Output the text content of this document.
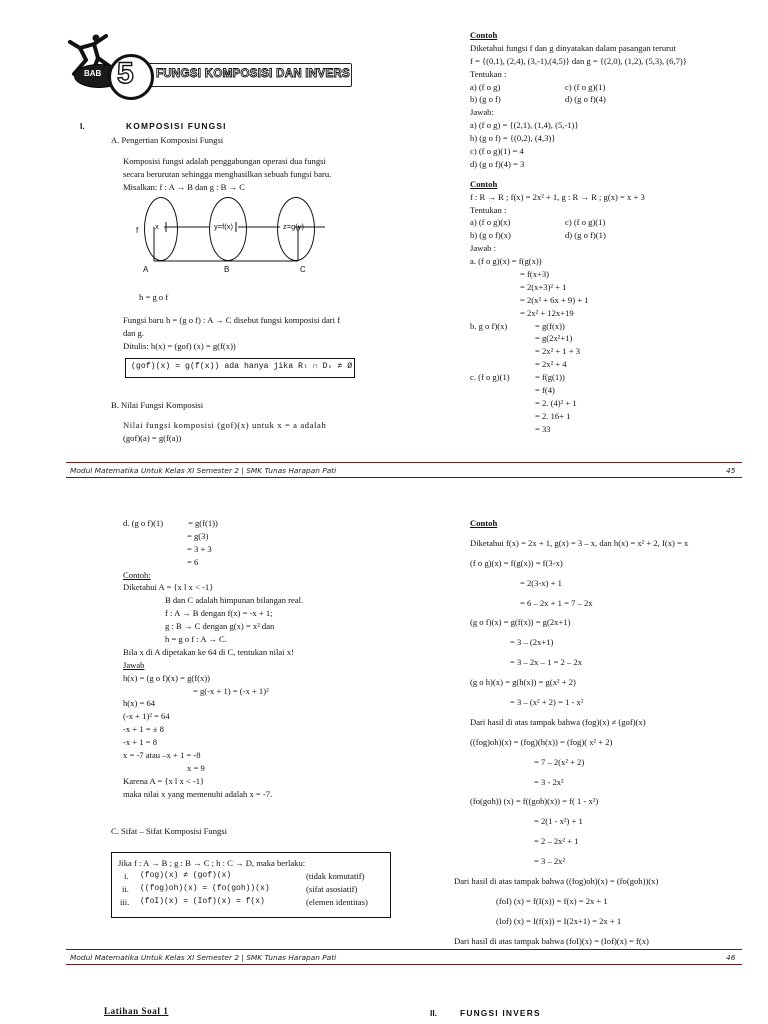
FUNGSI KOMPOSISI DAN INVERS
BAB 5
I.	KOMPOSISI FUNGSI
A. Pengertian Komposisi Fungsi
Komposisi fungsi adalah penggabungan operasi dua fungsi
secara berurutan sehingga menghasilkan sebuah fungsi baru.
Misalkan: f : A → B dan g : B → C
f x	y=f(x)	z=g(y)
A	B	C
h = g o f
Fungsi baru h = (g o f) : A → C disebut fungsi komposisi dari f
dan g.
Ditulis: h(x) = (gof) (x) = g(f(x))
(gof)(x) = g(f(x)) ada hanya jika Rₗ ∩ Dₛ ≠ Ø
B. Nilai Fungsi Komposisi
Nilai fungsi komposisi (gof)(x) untuk x = a adalah
(gof)(a) = g(f(a))
Contoh
Diketahui fungsi f dan g dinyatakan dalam pasangan terurut
f = {(0,1), (2,4), (3,-1),(4,5)} dan g = {(2,0), (1,2), (5,3), (6,7)}
Tentukan :
a) (f o g)	c) (f o g)(1)
b) (g o f)	d) (g o f)(4)
Jawab:
a) (f o g) = {(2,1), (1,4), (5,-1)}
b) (g o f) = {(0,2), (4,3)}
c) (f o g)(1) = 4
d) (g o f)(4) = 3
Contoh
f : R → R ; f(x) = 2x² + 1, g : R → R ; g(x) = x + 3
Tentukan :
a) (f o g)(x)	c) (f o g)(1)
b) (g o f)(x)	d) (g o f)(1)
Jawab :
a. (f o g)(x) = f(g(x))
= f(x+3)
= 2(x+3)² + 1
= 2(x² + 6x + 9) + 1
= 2x² + 12x+19
b. g o f)(x)	= g(f(x))
= g(2x²+1)
= 2x² + 1 + 3
= 2x² + 4
c. (f o g)(1)	= f(g(1))
= f(4)
= 2. (4)² + 1
= 2. 16+ 1
= 33
Modul Matematika Untuk Kelas XI Semester 2 | SMK Tunas Harapan Pati	45
d. (g o f)(1)	= g(f(1))
= g(3)
= 3 + 3
= 6
Contoh:
Diketahui A = {x l x < -1}
B dan C adalah himpunan bilangan real.
f : A → B dengan f(x) = -x + 1;
g : B → C dengan g(x) = x² dan
h = g o f : A → C.
Bila x di A dipetakan ke 64 di C, tentukan nilai x!
Jawab
h(x) = (g o f)(x) = g(f(x))
= g(-x + 1) = (-x + 1)²
h(x) = 64
(-x + 1)² = 64
-x + 1 = ± 8
-x + 1 = 8
x = -7 atau –x + 1 = -8
x = 9
Karena A = {x l x < -1}
maka nilai x yang memenuhi adalah x = -7.
C. Sifat – Sifat Komposisi Fungsi
Jika f : A → B ; g : B → C ; h : C → D, maka berlaku:
i. (fog)(x) ≠ (gof)(x)	(tidak komutatif)
ii. ((fog)oh)(x) = (fo(goh))(x)	(sifat asosiatif)
iii. (foI)(x) = (Iof)(x) = f(x)	(elemen identitas)
Contoh
Diketahui f(x) = 2x + 1, g(x) = 3 – x, dan h(x) = x² + 2, I(x) = x
(f o g)(x) = f(g(x)) = f(3-x)
= 2(3-x) + 1
= 6 – 2x + 1 = 7 – 2x
(g o f)(x) = g(f(x)) = g(2x+1)
= 3 – (2x+1)
= 3 – 2x – 1 = 2 – 2x
(g o h)(x) = g(h(x)) = g(x² + 2)
= 3 – (x² + 2) = 1 - x²
Dari hasil di atas tampak bahwa (fog)(x) ≠ (gof)(x)
((fog)oh)(x) = (fog)(h(x)) = (fog)( x² + 2)
= 7 – 2(x² + 2)
= 3 - 2x²
(fo(goh)) (x) = f((goh)(x)) = f( 1 - x²)
= 2(1 - x²) + 1
= 2 – 2x² + 1
= 3 – 2x²
Dari hasil di atas tampak bahwa ((fog)oh)(x) = (fo(goh))(x)
(foI) (x) = f(I(x)) = f(x) = 2x + 1
(Iof) (x) = I(f(x)) = I(2x+1) = 2x + 1
Dari hasil di atas tampak bahwa (foI)(x) = (Iof)(x) = f(x)
Modul Matematika Untuk Kelas XI Semester 2 | SMK Tunas Harapan Pati	46
Latihan Soal 1	II.	FUNGSI INVERS
